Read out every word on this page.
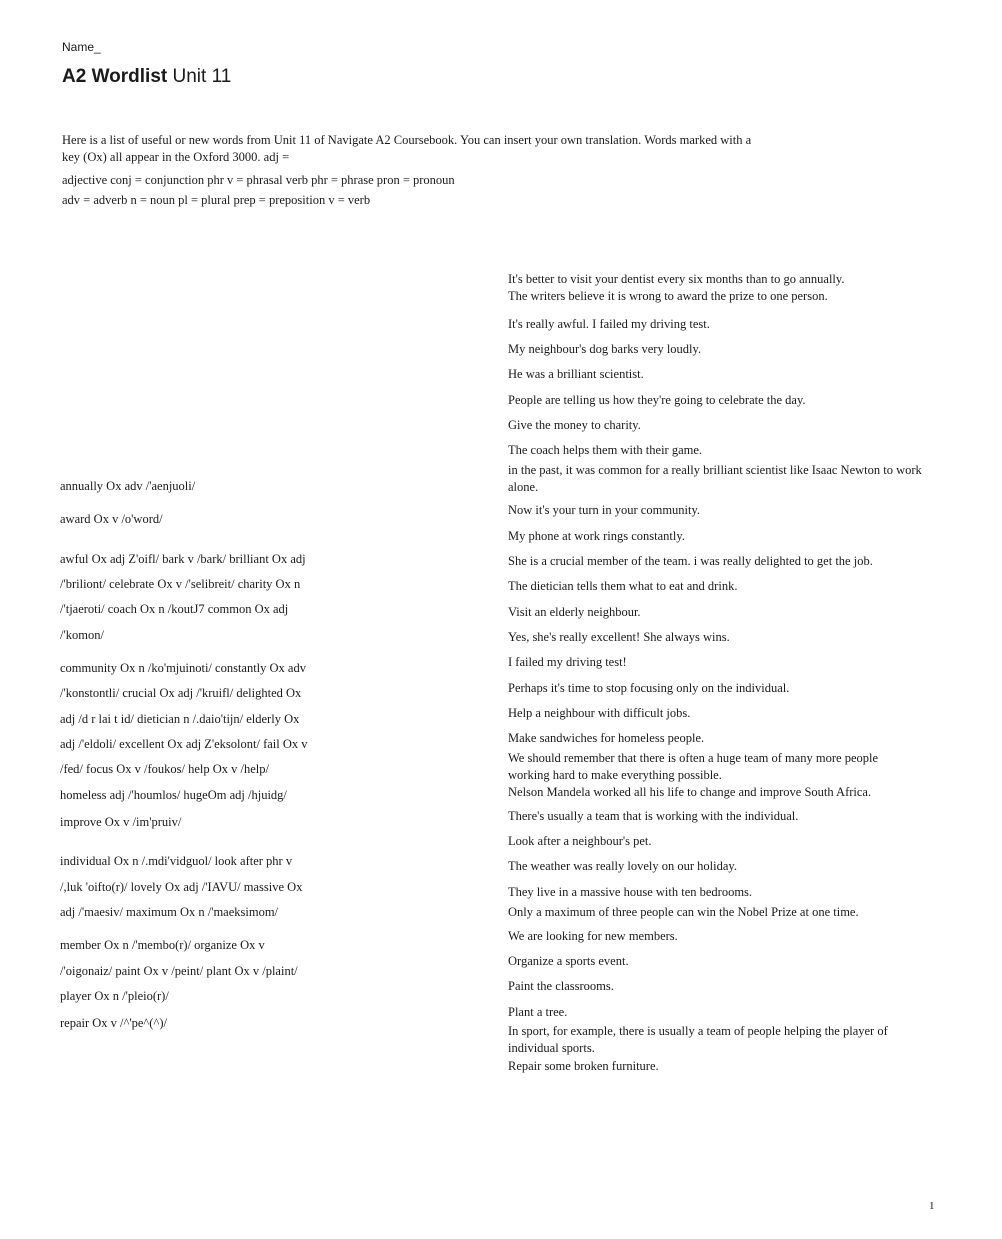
Name_
A2 Wordlist Unit 11
Here is a list of useful or new words from Unit 11 of Navigate A2 Coursebook. You can insert your own translation. Words marked with a
key (Ox) all appear in the Oxford 3000. adj =
adjective conj = conjunction phr v = phrasal verb phr = phrase pron = pronoun
adv = adverb n = noun pl = plural prep = preposition v = verb
annually Ox adv /'aenjuoli/
award Ox v /o'word/
awful Ox adj Z'oifl/ bark v /bark/ brilliant Ox adj
/'briliont/ celebrate Ox v /'selibreit/ charity Ox n
/'tjaeroti/ coach Ox n /koutJ7 common Ox adj
/'komon/
community Ox n /ko'mjuinoti/ constantly Ox adv
/'konstontli/ crucial Ox adj /'kruifl/ delighted Ox
adj /d r lai t id/ dietician n /.daio'tijn/ elderly Ox
adj /'eldoli/ excellent Ox adj Z'eksolont/ fail Ox v
/fed/ focus Ox v /foukos/ help Ox v /help/
homeless adj /'houmlos/ hugeOm adj /hjuidg/
improve Ox v /im'pruiv/
individual Ox n /.mdi'vidguol/ look after phr v
/,luk 'oifto(r)/ lovely Ox adj /'IAVU/ massive Ox
adj /'maesiv/ maximum Ox n /'maeksimom/
member Ox n /'membo(r)/ organize Ox v
/'oigonaiz/ paint Ox v /peint/ plant Ox v /plaint/
player Ox n /'pleio(r)/
repair Ox v /^'pe^(^)/
It's better to visit your dentist every six months than to go annually.
The writers believe it is wrong to award the prize to one person.
It's really awful. I failed my driving test.
My neighbour's dog barks very loudly.
He was a brilliant scientist.
People are telling us how they're going to celebrate the day.
Give the money to charity.
The coach helps them with their game.
in the past, it was common for a really brilliant scientist like Isaac Newton to work alone.
Now it's your turn in your community.
My phone at work rings constantly.
She is a crucial member of the team. i was really delighted to get the job.
The dietician tells them what to eat and drink.
Visit an elderly neighbour.
Yes, she's really excellent! She always wins.
I failed my driving test!
Perhaps it's time to stop focusing only on the individual.
Help a neighbour with difficult jobs.
Make sandwiches for homeless people.
We should remember that there is often a huge team of many more people working hard to make everything possible.
Nelson Mandela worked all his life to change and improve South Africa.
There's usually a team that is working with the individual.
Look after a neighbour's pet.
The weather was really lovely on our holiday.
They live in a massive house with ten bedrooms.
Only a maximum of three people can win the Nobel Prize at one time.
We are looking for new members.
Organize a sports event.
Paint the classrooms.
Plant a tree.
In sport, for example, there is usually a team of people helping the player of individual sports.
Repair some broken furniture.
1
